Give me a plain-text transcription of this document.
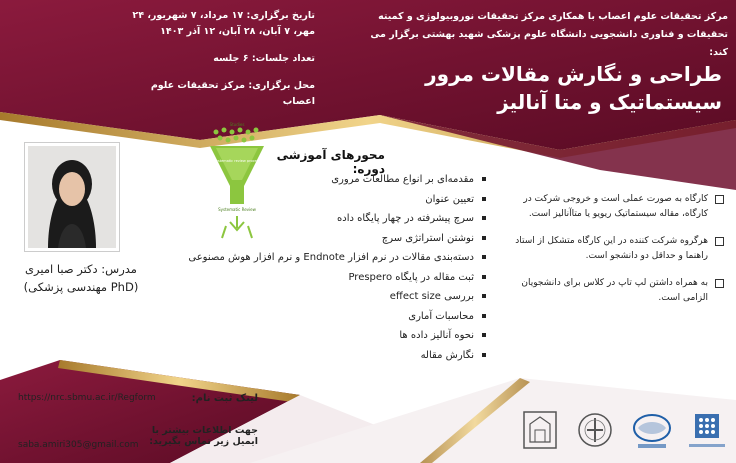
مرکز تحقیقات علوم اعصاب با همکاری مرکز تحقیقات نوروبیولوژی و کمیته تحقیقات و فناوری دانشجویی دانشگاه علوم پزشکی شهید بهشتی برگزار می کند:
طراحی و نگارش مقالات مرور
سیستماتیک و متا آنالیز
تاریخ برگزاری: ۱۷ مرداد، ۷ شهریور، ۲۴ مهر، ۷ آبان، ۲۸ آبان، ۱۲ آذر ۱۴۰۳
تعداد جلسات: ۶ جلسه
محل برگزاری: مرکز تحقیقات علوم اعصاب
مدرس: دکتر صبا امیری
(PhD مهندسی پزشکی)
Studies
Systematic review process
Systematic Review
محورهای آموزشی دوره:
مقدمه‌ای بر انواع مطالعات مروری
تعیین عنوان
سرچ پیشرفته در چهار پایگاه داده
نوشتن استراتژی سرچ
دسته‌بندی مقالات در نرم افزار Endnote و نرم افزار هوش مصنوعی
ثبت مقاله در پایگاه Prespero
بررسی effect size
محاسبات آماری
نحوه آنالیز داده ها
نگارش مقاله
کارگاه به صورت عملی است و خروجی شرکت در کارگاه، مقاله سیستماتیک ریویو یا متاآنالیز است.
هرگروه شرکت کننده در این کارگاه متشکل از استاد راهنما و حداقل دو دانشجو است.
به همراه داشتن لپ تاپ در کلاس برای دانشجویان الزامی است.
لینک ثبت نام:
https://nrc.sbmu.ac.ir/Regform
جهت اطلاعات بیشتر با ایمیل زیر تماس بگیرید:
saba.amiri305@gmail.com
